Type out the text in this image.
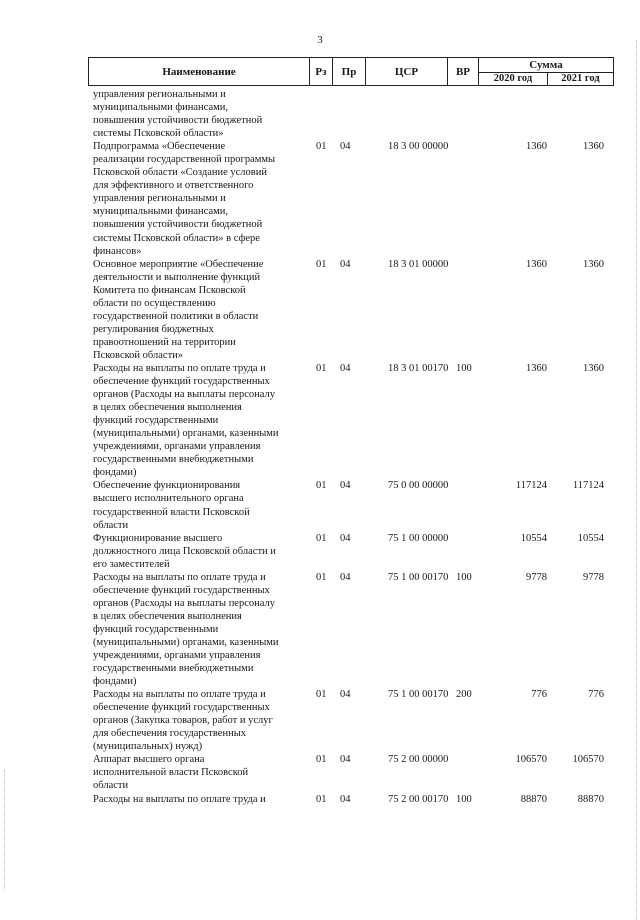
3
Наименование	Рз	Пр	ЦСР	ВР
Сумма
2020 год	2021 год
управления региональными и
муниципальными финансами,
повышения устойчивости бюджетной
системы Псковской области»
Подпрограмма «Обеспечение
реализации государственной программы
Псковской области «Создание условий
для эффективного и ответственного
управления региональными и
муниципальными финансами,
повышения устойчивости бюджетной
системы Псковской области» в сфере
финансов»
01 04	18 3 00 00000	1360	1360
Основное мероприятие «Обеспечение
деятельности и выполнение функций
Комитета по финансам Псковской
области по осуществлению
государственной политики в области
регулирования бюджетных
правоотношений на территории
Псковской области»
01 04	18 3 01 00000	1360	1360
Расходы на выплаты по оплате труда и
обеспечение функций государственных
органов (Расходы на выплаты персоналу
в целях обеспечения выполнения
функций государственными
(муниципальными) органами, казенными
учреждениями, органами управления
государственными внебюджетными
фондами)
01 04	18 3 01 00170 100	1360	1360
Обеспечение функционирования
высшего исполнительного органа
государственной власти Псковской
области
01 04	75 0 00 00000	117124 117124
Функционирование высшего
должностного лица Псковской области и
его заместителей
01 04	75 1 00 00000	10554	10554
Расходы на выплаты по оплате труда и
обеспечение функций государственных
органов (Расходы на выплаты персоналу
в целях обеспечения выполнения
функций государственными
(муниципальными) органами, казенными
учреждениями, органами управления
государственными внебюджетными
фондами)
01 04	75 1 00 00170 100	9778	9778
Расходы на выплаты по оплате труда и
обеспечение функций государственных
органов (Закупка товаров, работ и услуг
для обеспечения государственных
(муниципальных) нужд)
01 04	75 1 00 00170 200	776	776
Аппарат высшего органа
исполнительной власти Псковской
области
01 04	75 2 00 00000	106570 106570
Расходы на выплаты по оплате труда и	01 04	75 2 00 00170 100	88870	88870
